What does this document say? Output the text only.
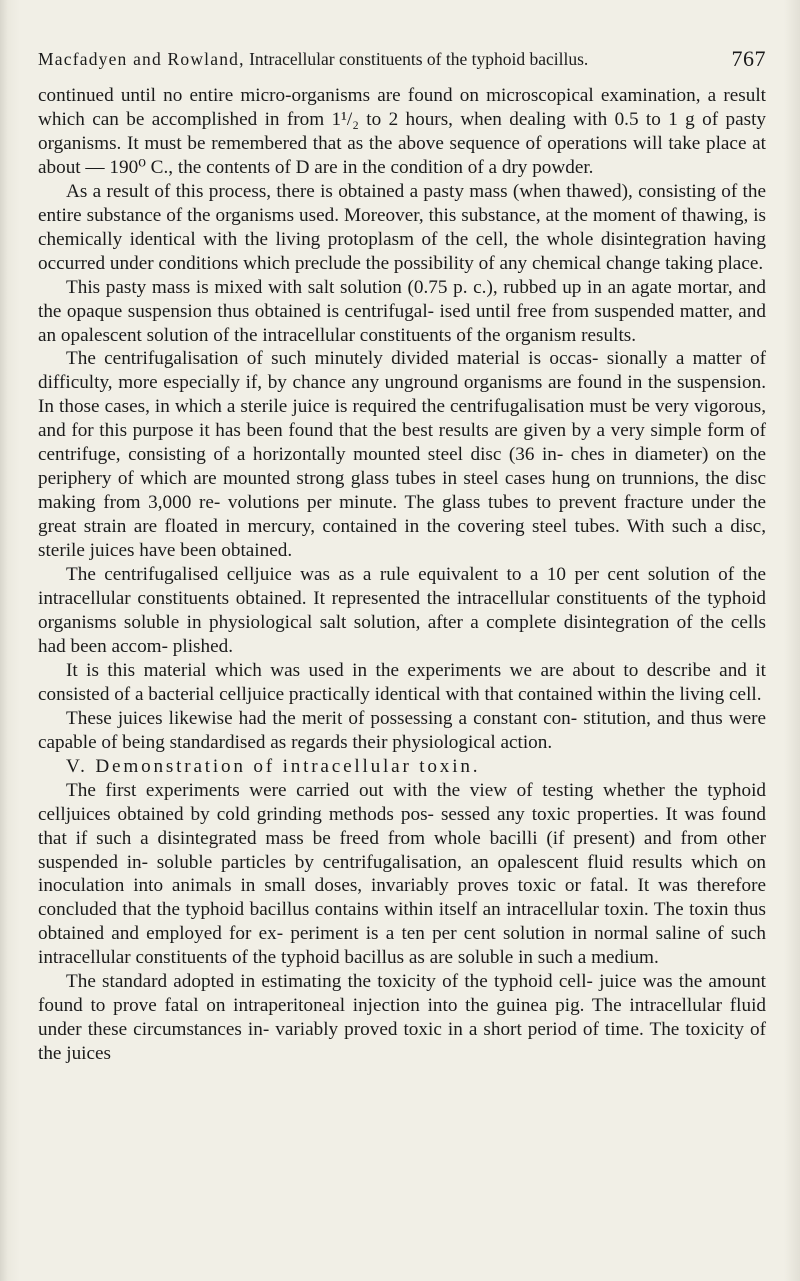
Macfadyen and Rowland, Intracellular constituents of the typhoid bacillus.	767

continued until no entire micro-organisms are found on microscopical examination, a result which can be accomplished in from 1¹/₂ to 2 hours, when dealing with 0.5 to 1 g of pasty organisms. It must be remembered that as the above sequence of operations will take place at about — 190⁰ C., the contents of D are in the condition of a dry powder.

As a result of this process, there is obtained a pasty mass (when thawed), consisting of the entire substance of the organisms used. Moreover, this substance, at the moment of thawing, is chemically identical with the living protoplasm of the cell, the whole disintegration having occurred under conditions which preclude the possibility of any chemical change taking place.

This pasty mass is mixed with salt solution (0.75 p. c.), rubbed up in an agate mortar, and the opaque suspension thus obtained is centrifugal- ised until free from suspended matter, and an opalescent solution of the intracellular constituents of the organism results.

The centrifugalisation of such minutely divided material is occas- sionally a matter of difficulty, more especially if, by chance any unground organisms are found in the suspension. In those cases, in which a sterile juice is required the centrifugalisation must be very vigorous, and for this purpose it has been found that the best results are given by a very simple form of centrifuge, consisting of a horizontally mounted steel disc (36 in- ches in diameter) on the periphery of which are mounted strong glass tubes in steel cases hung on trunnions, the disc making from 3,000 re- volutions per minute. The glass tubes to prevent fracture under the great strain are floated in mercury, contained in the covering steel tubes. With such a disc, sterile juices have been obtained.

The centrifugalised celljuice was as a rule equivalent to a 10 per cent solution of the intracellular constituents obtained. It represented the intracellular constituents of the typhoid organisms soluble in physiological salt solution, after a complete disintegration of the cells had been accom- plished.

It is this material which was used in the experiments we are about to describe and it consisted of a bacterial celljuice practically identical with that contained within the living cell.

These juices likewise had the merit of possessing a constant con- stitution, and thus were capable of being standardised as regards their physiological action.

V. Demonstration of intracellular toxin.

The first experiments were carried out with the view of testing whether the typhoid celljuices obtained by cold grinding methods pos- sessed any toxic properties. It was found that if such a disintegrated mass be freed from whole bacilli (if present) and from other suspended in- soluble particles by centrifugalisation, an opalescent fluid results which on inoculation into animals in small doses, invariably proves toxic or fatal. It was therefore concluded that the typhoid bacillus contains within itself an intracellular toxin. The toxin thus obtained and employed for ex- periment is a ten per cent solution in normal saline of such intracellular constituents of the typhoid bacillus as are soluble in such a medium.

The standard adopted in estimating the toxicity of the typhoid cell- juice was the amount found to prove fatal on intraperitoneal injection into the guinea pig. The intracellular fluid under these circumstances in- variably proved toxic in a short period of time. The toxicity of the juices
